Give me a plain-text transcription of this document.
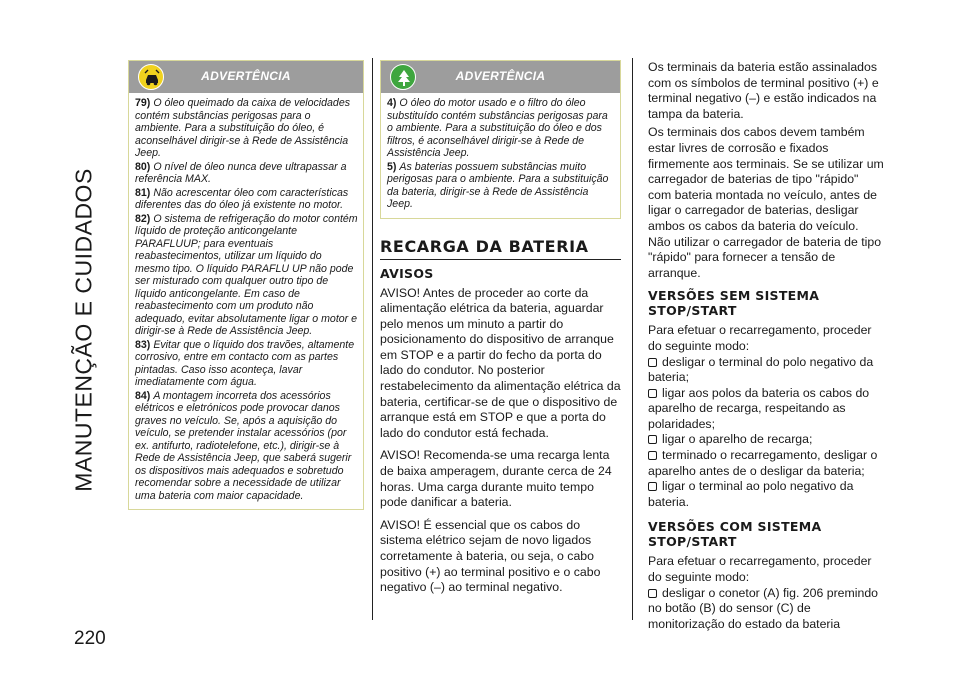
MANUTENÇÃO E CUIDADOS
220
ADVERTÊNCIA

79) O óleo queimado da caixa de velocidades contém substâncias perigosas para o ambiente. Para a substituição do óleo, é aconselhável dirigir-se à Rede de Assistência Jeep.

80) O nível de óleo nunca deve ultrapassar a referência MAX.

81) Não acrescentar óleo com características diferentes das do óleo já existente no motor.

82) O sistema de refrigeração do motor contém líquido de proteção anticongelante PARAFLUUP; para eventuais reabastecimentos, utilizar um líquido do mesmo tipo. O líquido PARAFLU UP não pode ser misturado com qualquer outro tipo de líquido anticongelante. Em caso de reabastecimento com um produto não adequado, evitar absolutamente ligar o motor e dirigir-se à Rede de Assistência Jeep.

83) Evitar que o líquido dos travões, altamente corrosivo, entre em contacto com as partes pintadas. Caso isso aconteça, lavar imediatamente com água.

84) A montagem incorreta dos acessórios elétricos e eletrónicos pode provocar danos graves no veículo. Se, após a aquisição do veículo, se pretender instalar acessórios (por ex. antifurto, radiotelefone, etc.), dirigir-se à Rede de Assistência Jeep, que saberá sugerir os dispositivos mais adequados e sobretudo recomendar sobre a necessidade de utilizar uma bateria com maior capacidade.

ADVERTÊNCIA

4) O óleo do motor usado e o filtro do óleo substituído contém substâncias perigosas para o ambiente. Para a substituição do óleo e dos filtros, é aconselhável dirigir-se à Rede de Assistência Jeep.

5) As baterias possuem substâncias muito perigosas para o ambiente. Para a substituição da bateria, dirigir-se à Rede de Assistência Jeep.

RECARGA DA BATERIA
AVISOS

AVISO! Antes de proceder ao corte da alimentação elétrica da bateria, aguardar pelo menos um minuto a partir do posicionamento do dispositivo de arranque em STOP e a partir do fecho da porta do lado do condutor. No posterior restabelecimento da alimentação elétrica da bateria, certificar-se de que o dispositivo de arranque está em STOP e que a porta do lado do condutor está fechada.

AVISO! Recomenda-se uma recarga lenta de baixa amperagem, durante cerca de 24 horas. Uma carga durante muito tempo pode danificar a bateria.

AVISO! É essencial que os cabos do sistema elétrico sejam de novo ligados corretamente à bateria, ou seja, o cabo positivo (+) ao terminal positivo e o cabo negativo (–) ao terminal negativo.

Os terminais da bateria estão assinalados com os símbolos de terminal positivo (+) e terminal negativo (–) e estão indicados na tampa da bateria.

Os terminais dos cabos devem também estar livres de corrosão e fixados firmemente aos terminais. Se se utilizar um carregador de baterias de tipo "rápido" com bateria montada no veículo, antes de ligar o carregador de baterias, desligar ambos os cabos da bateria do veículo. Não utilizar o carregador de bateria de tipo "rápido" para fornecer a tensão de arranque.

VERSÕES SEM SISTEMA STOP/START

Para efetuar o recarregamento, proceder do seguinte modo:

desligar o terminal do polo negativo da bateria;

ligar aos polos da bateria os cabos do aparelho de recarga, respeitando as polaridades;

ligar o aparelho de recarga;

terminado o recarregamento, desligar o aparelho antes de o desligar da bateria;

ligar o terminal ao polo negativo da bateria.

VERSÕES COM SISTEMA STOP/START

Para efetuar o recarregamento, proceder do seguinte modo:

desligar o conetor (A) fig. 206 premindo no botão (B) do sensor (C) de monitorização do estado da bateria
